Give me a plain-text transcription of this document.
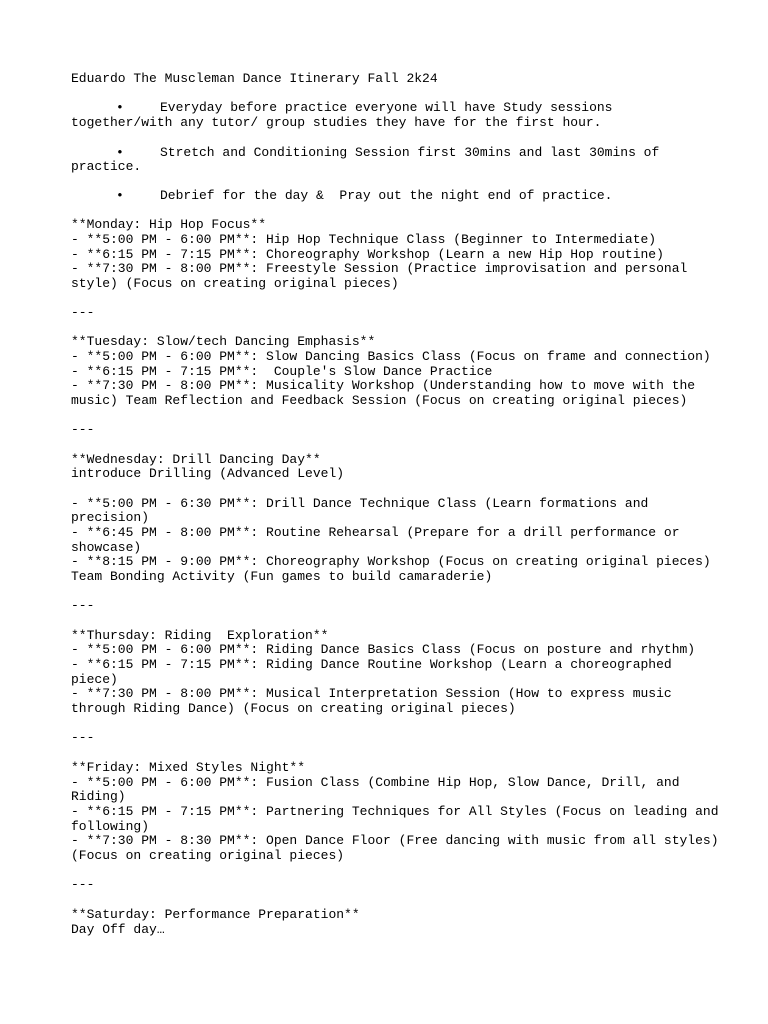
Eduardo The Muscleman Dance Itinerary Fall 2k24
•	Everyday before practice everyone will have Study sessions
together/with any tutor/ group studies they have for the first hour.
•	Stretch and Conditioning Session first 30mins and last 30mins of
practice.
•	Debrief for the day &  Pray out the night end of practice.
**Monday: Hip Hop Focus**
- **5:00 PM - 6:00 PM**: Hip Hop Technique Class (Beginner to Intermediate)
- **6:15 PM - 7:15 PM**: Choreography Workshop (Learn a new Hip Hop routine)
- **7:30 PM - 8:00 PM**: Freestyle Session (Practice improvisation and personal
style) (Focus on creating original pieces)
---
**Tuesday: Slow/tech Dancing Emphasis**
- **5:00 PM - 6:00 PM**: Slow Dancing Basics Class (Focus on frame and connection)
- **6:15 PM - 7:15 PM**:  Couple's Slow Dance Practice
- **7:30 PM - 8:00 PM**: Musicality Workshop (Understanding how to move with the
music) Team Reflection and Feedback Session (Focus on creating original pieces)
---
**Wednesday: Drill Dancing Day**
introduce Drilling (Advanced Level)
- **5:00 PM - 6:30 PM**: Drill Dance Technique Class (Learn formations and
precision)
- **6:45 PM - 8:00 PM**: Routine Rehearsal (Prepare for a drill performance or
showcase)
- **8:15 PM - 9:00 PM**: Choreography Workshop (Focus on creating original pieces)
Team Bonding Activity (Fun games to build camaraderie)
---
**Thursday: Riding  Exploration**
- **5:00 PM - 6:00 PM**: Riding Dance Basics Class (Focus on posture and rhythm)
- **6:15 PM - 7:15 PM**: Riding Dance Routine Workshop (Learn a choreographed
piece)
- **7:30 PM - 8:00 PM**: Musical Interpretation Session (How to express music
through Riding Dance) (Focus on creating original pieces)
---
**Friday: Mixed Styles Night**
- **5:00 PM - 6:00 PM**: Fusion Class (Combine Hip Hop, Slow Dance, Drill, and
Riding)
- **6:15 PM - 7:15 PM**: Partnering Techniques for All Styles (Focus on leading and
following)
- **7:30 PM - 8:30 PM**: Open Dance Floor (Free dancing with music from all styles)
(Focus on creating original pieces)
---
**Saturday: Performance Preparation**
Day Off day…
